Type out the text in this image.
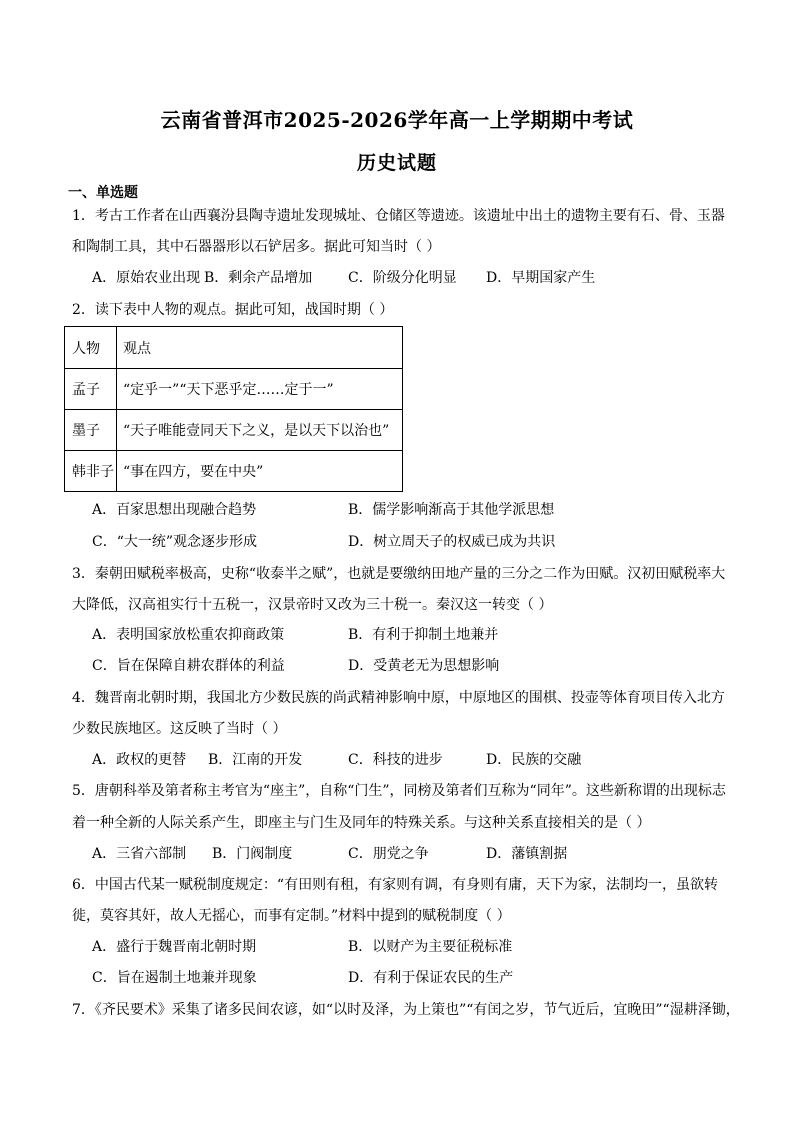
云南省普洱市2025-2026学年高一上学期期中考试
历史试题
一、单选题
1．考古工作者在山西襄汾县陶寺遗址发现城址、仓储区等遗迹。该遗址中出土的遗物主要有石、骨、玉器
和陶制工具，其中石器器形以石铲居多。据此可知当时（ ）
A．原始农业出现 B．剩余产品增加	C．阶级分化明显 D．早期国家产生
2．读下表中人物的观点。据此可知，战国时期（ ）
人物	观点
孟子	“定乎一”“天下恶乎定……定于一”
墨子	“天子唯能壹同天下之义，是以天下以治也”
韩非子	“事在四方，要在中央”
A．百家思想出现融合趋势	B．儒学影响渐高于其他学派思想
C．“大一统”观念逐步形成	D．树立周天子的权威已成为共识
3．秦朝田赋税率极高，史称“收泰半之赋”，也就是要缴纳田地产量的三分之二作为田赋。汉初田赋税率大
大降低，汉高祖实行十五税一，汉景帝时又改为三十税一。秦汉这一转变（ ）
A．表明国家放松重农抑商政策	B．有利于抑制土地兼并
C．旨在保障自耕农群体的利益	D．受黄老无为思想影响
4．魏晋南北朝时期，我国北方少数民族的尚武精神影响中原，中原地区的围棋、投壶等体育项目传入北方
少数民族地区。这反映了当时（ ）
A．政权的更替 B．江南的开发	C．科技的进步	D．民族的交融
5．唐朝科举及第者称主考官为“座主”，自称“门生”，同榜及第者们互称为“同年”。这些新称谓的出现标志
着一种全新的人际关系产生，即座主与门生及同年的特殊关系。与这种关系直接相关的是（ ）
A．三省六部制 B．门阀制度	C．朋党之争	D．藩镇割据
6．中国古代某一赋税制度规定：“有田则有租，有家则有调，有身则有庸，天下为家，法制均一，虽欲转
徙，莫容其奸，故人无摇心，而事有定制。”材料中提到的赋税制度（ ）
A．盛行于魏晋南北朝时期	B．以财产为主要征税标准
C．旨在遏制土地兼并现象	D．有利于保证农民的生产
7．《齐民要术》采集了诸多民间农谚，如“以时及泽，为上策也”“有闰之岁，节气近后，宜晚田”“湿耕泽锄，
